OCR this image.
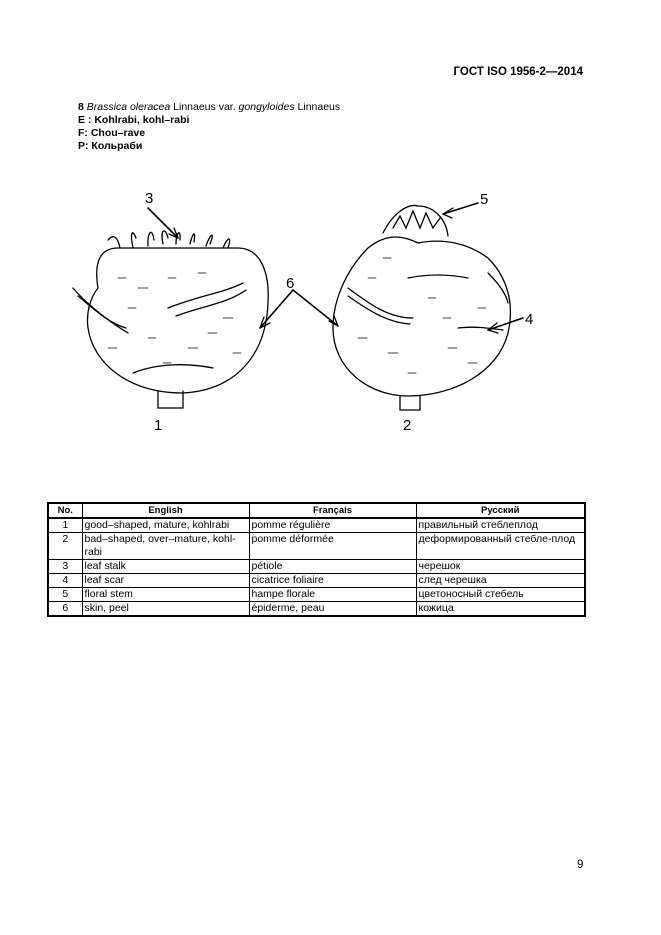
ГОСТ ISO 1956-2—2014
8 Brassica oleracea Linnaeus var. gongyloides Linnaeus
E : Kohlrabi, kohl–rabi
F: Chou–rave
P: Кольраби
1	2
3
4
5
6
No.	English	Français	Русский
1	good–shaped, mature, kohlrabi	pomme régulière	правильный стеблеплод
2	bad–shaped, over–mature, kohl-rabi	pomme déformée	деформированный стебле-плод
3	leaf stalk	pétiole	черешок
4	leaf scar	cicatrice foliaire	след черешка
5	floral stem	hampe florale	цветоносный стебель
6	skin, peel	épiderme, peau	кожица
9
